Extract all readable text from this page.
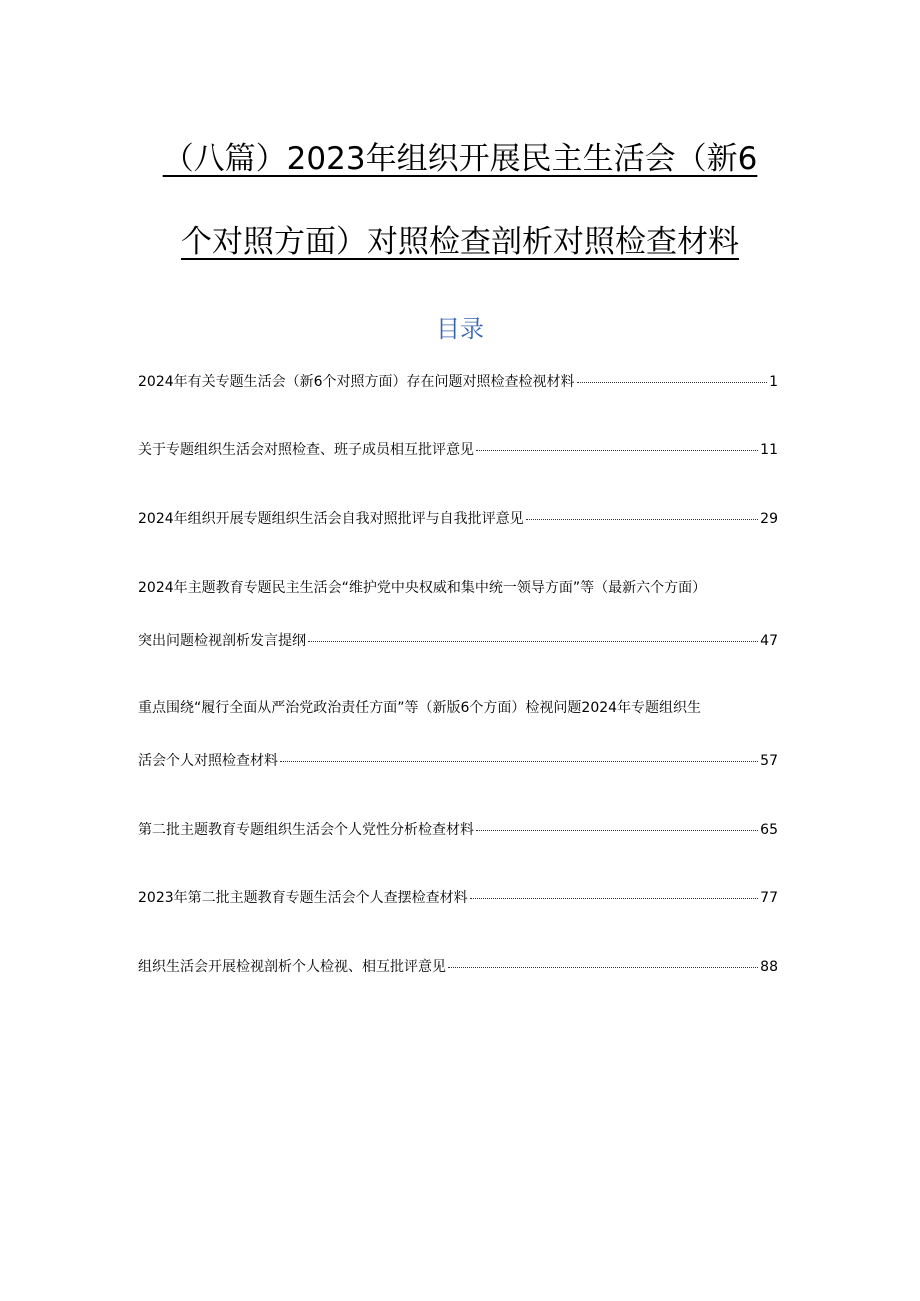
（八篇）2023年组织开展民主生活会（新6
个对照方面）对照检查剖析对照检查材料
目录
2024年有关专题生活会（新6个对照方面）存在问题对照检查检视材料	1
关于专题组织生活会对照检查、班子成员相互批评意见	11
2024年组织开展专题组织生活会自我对照批评与自我批评意见	29
2024年主题教育专题民主生活会“维护党中央权威和集中统一领导方面”等（最新六个方面）
突出问题检视剖析发言提纲	47
重点围绕“履行全面从严治党政治责任方面”等（新版6个方面）检视问题2024年专题组织生
活会个人对照检查材料	57
第二批主题教育专题组织生活会个人党性分析检查材料	65
2023年第二批主题教育专题生活会个人查摆检查材料	77
组织生活会开展检视剖析个人检视、相互批评意见	88
